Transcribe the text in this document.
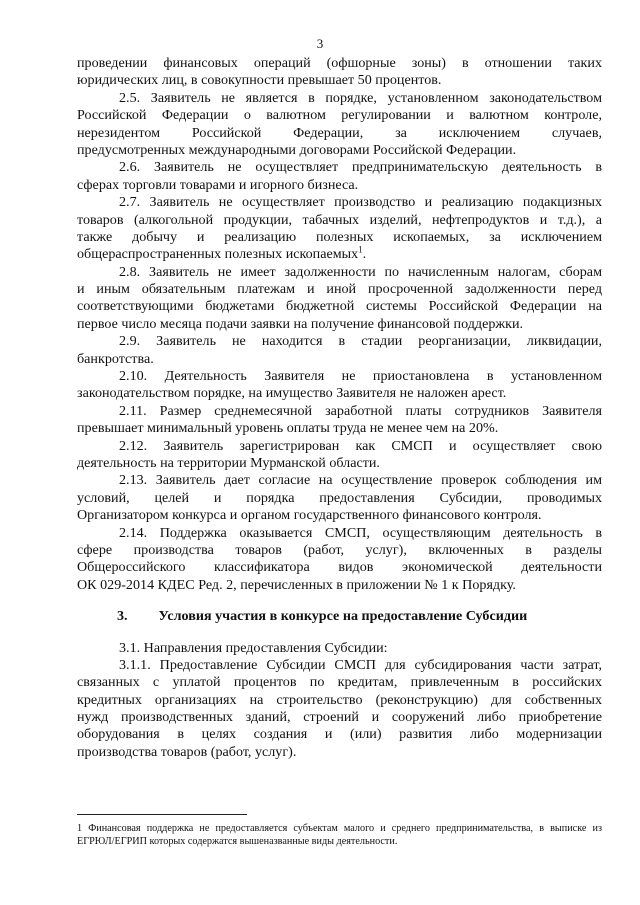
3
проведении финансовых операций (офшорные зоны) в отношении таких
юридических лиц, в совокупности превышает 50 процентов.
2.5. Заявитель не является в порядке, установленном законодательством
Российской Федерации о валютном регулировании и валютном контроле,
нерезидентом Российской Федерации, за исключением случаев,
предусмотренных международными договорами Российской Федерации.
2.6. Заявитель не осуществляет предпринимательскую деятельность в
сферах торговли товарами и игорного бизнеса.
2.7. Заявитель не осуществляет производство и реализацию подакцизных
товаров (алкогольной продукции, табачных изделий, нефтепродуктов и т.д.), а
также добычу и реализацию полезных ископаемых, за исключением
общераспространенных полезных ископаемых$^1$.
2.8. Заявитель не имеет задолженности по начисленным налогам, сборам
и иным обязательным платежам и иной просроченной задолженности перед
соответствующими бюджетами бюджетной системы Российской Федерации на
первое число месяца подачи заявки на получение финансовой поддержки.
2.9. Заявитель не находится в стадии реорганизации, ликвидации,
банкротства.
2.10. Деятельность Заявителя не приостановлена в установленном
законодательством порядке, на имущество Заявителя не наложен арест.
2.11. Размер среднемесячной заработной платы сотрудников Заявителя
превышает минимальный уровень оплаты труда не менее чем на 20%.
2.12. Заявитель зарегистрирован как СМСП и осуществляет свою
деятельность на территории Мурманской области.
2.13. Заявитель дает согласие на осуществление проверок соблюдения им
условий, целей и порядка предоставления Субсидии, проводимых
Организатором конкурса и органом государственного финансового контроля.
2.14. Поддержка оказывается СМСП, осуществляющим деятельность в
сфере производства товаров (работ, услуг), включенных в разделы
Общероссийского классификатора видов экономической деятельности
ОК 029-2014 КДЕС Ред. 2, перечисленных в приложении № 1 к Порядку.
3. Условия участия в конкурсе на предоставление Субсидии
3.1. Направления предоставления Субсидии:
3.1.1. Предоставление Субсидии СМСП для субсидирования части затрат,
связанных с уплатой процентов по кредитам, привлеченным в российских
кредитных организациях на строительство (реконструкцию) для собственных
нужд производственных зданий, строений и сооружений либо приобретение
оборудования в целях создания и (или) развития либо модернизации
производства товаров (работ, услуг).
1 Финансовая поддержка не предоставляется субъектам малого и среднего предпринимательства, в выписке из
ЕГРЮЛ/ЕГРИП которых содержатся вышеназванные виды деятельности.
